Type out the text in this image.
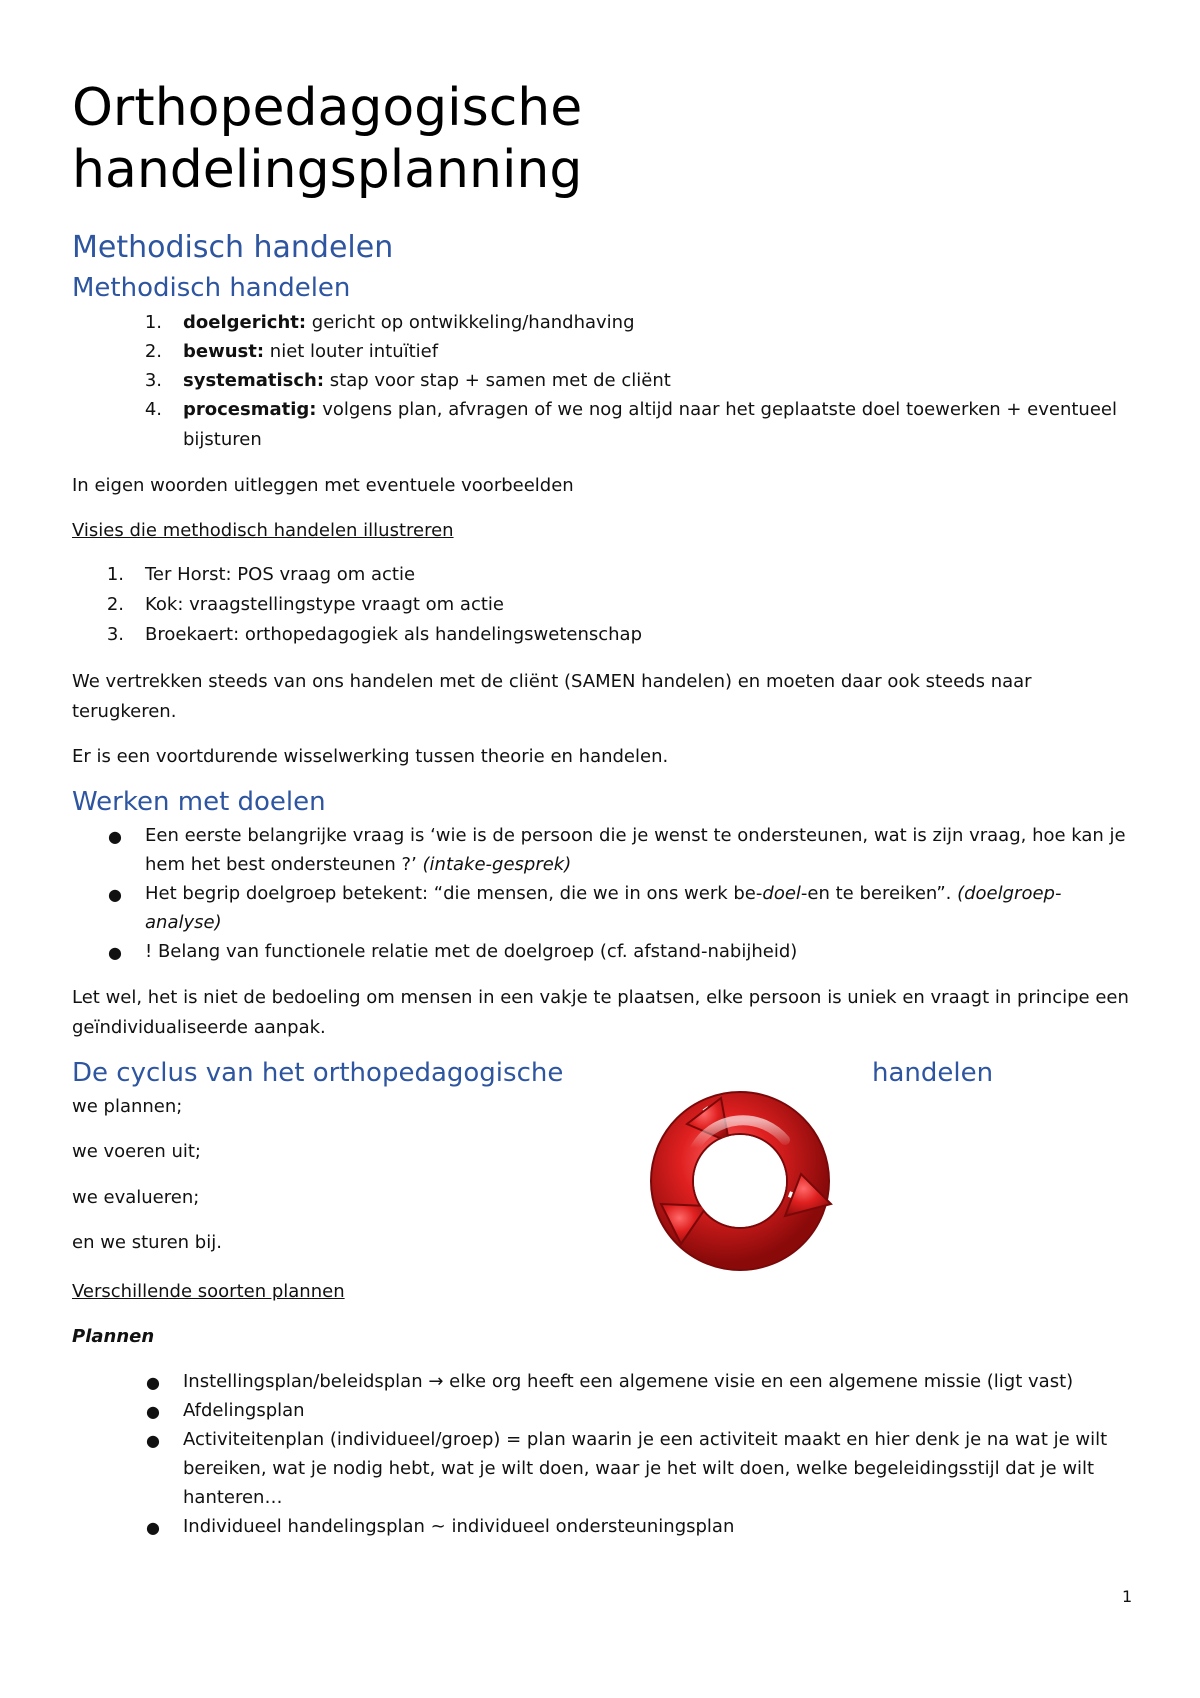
Orthopedagogische
handelingsplanning
Methodisch handelen
Methodisch handelen
1. doelgericht: gericht op ontwikkeling/handhaving
2. bewust: niet louter intuïtief
3. systematisch: stap voor stap + samen met de cliënt
4. procesmatig: volgens plan, afvragen of we nog altijd naar het geplaatste doel toewerken + eventueel
bijsturen
In eigen woorden uitleggen met eventuele voorbeelden
Visies die methodisch handelen illustreren
1. Ter Horst: POS vraag om actie
2. Kok: vraagstellingstype vraagt om actie
3. Broekaert: orthopedagogiek als handelingswetenschap
We vertrekken steeds van ons handelen met de cliënt (SAMEN handelen) en moeten daar ook steeds naar
terugkeren.
Er is een voortdurende wisselwerking tussen theorie en handelen.
Werken met doelen
● Een eerste belangrijke vraag is ‘wie is de persoon die je wenst te ondersteunen, wat is zijn vraag, hoe kan je
hem het best ondersteunen ?’ (intake-gesprek)
● Het begrip doelgroep betekent: “die mensen, die we in ons werk be-doel-en te bereiken”. (doelgroep-
analyse)
● ! Belang van functionele relatie met de doelgroep (cf. afstand-nabijheid)
Let wel, het is niet de bedoeling om mensen in een vakje te plaatsen, elke persoon is uniek en vraagt in principe een
geïndividualiseerde aanpak.
De cyclus van het orthopedagogische	handelen
we plannen;
we voeren uit;
we evalueren;
en we sturen bij.
Verschillende soorten plannen
Plannen
● Instellingsplan/beleidsplan → elke org heeft een algemene visie en een algemene missie (ligt vast)
● Afdelingsplan
● Activiteitenplan (individueel/groep) = plan waarin je een activiteit maakt en hier denk je na wat je wilt
bereiken, wat je nodig hebt, wat je wilt doen, waar je het wilt doen, welke begeleidingsstijl dat je wilt
hanteren…
● Individueel handelingsplan ~ individueel ondersteuningsplan
1
